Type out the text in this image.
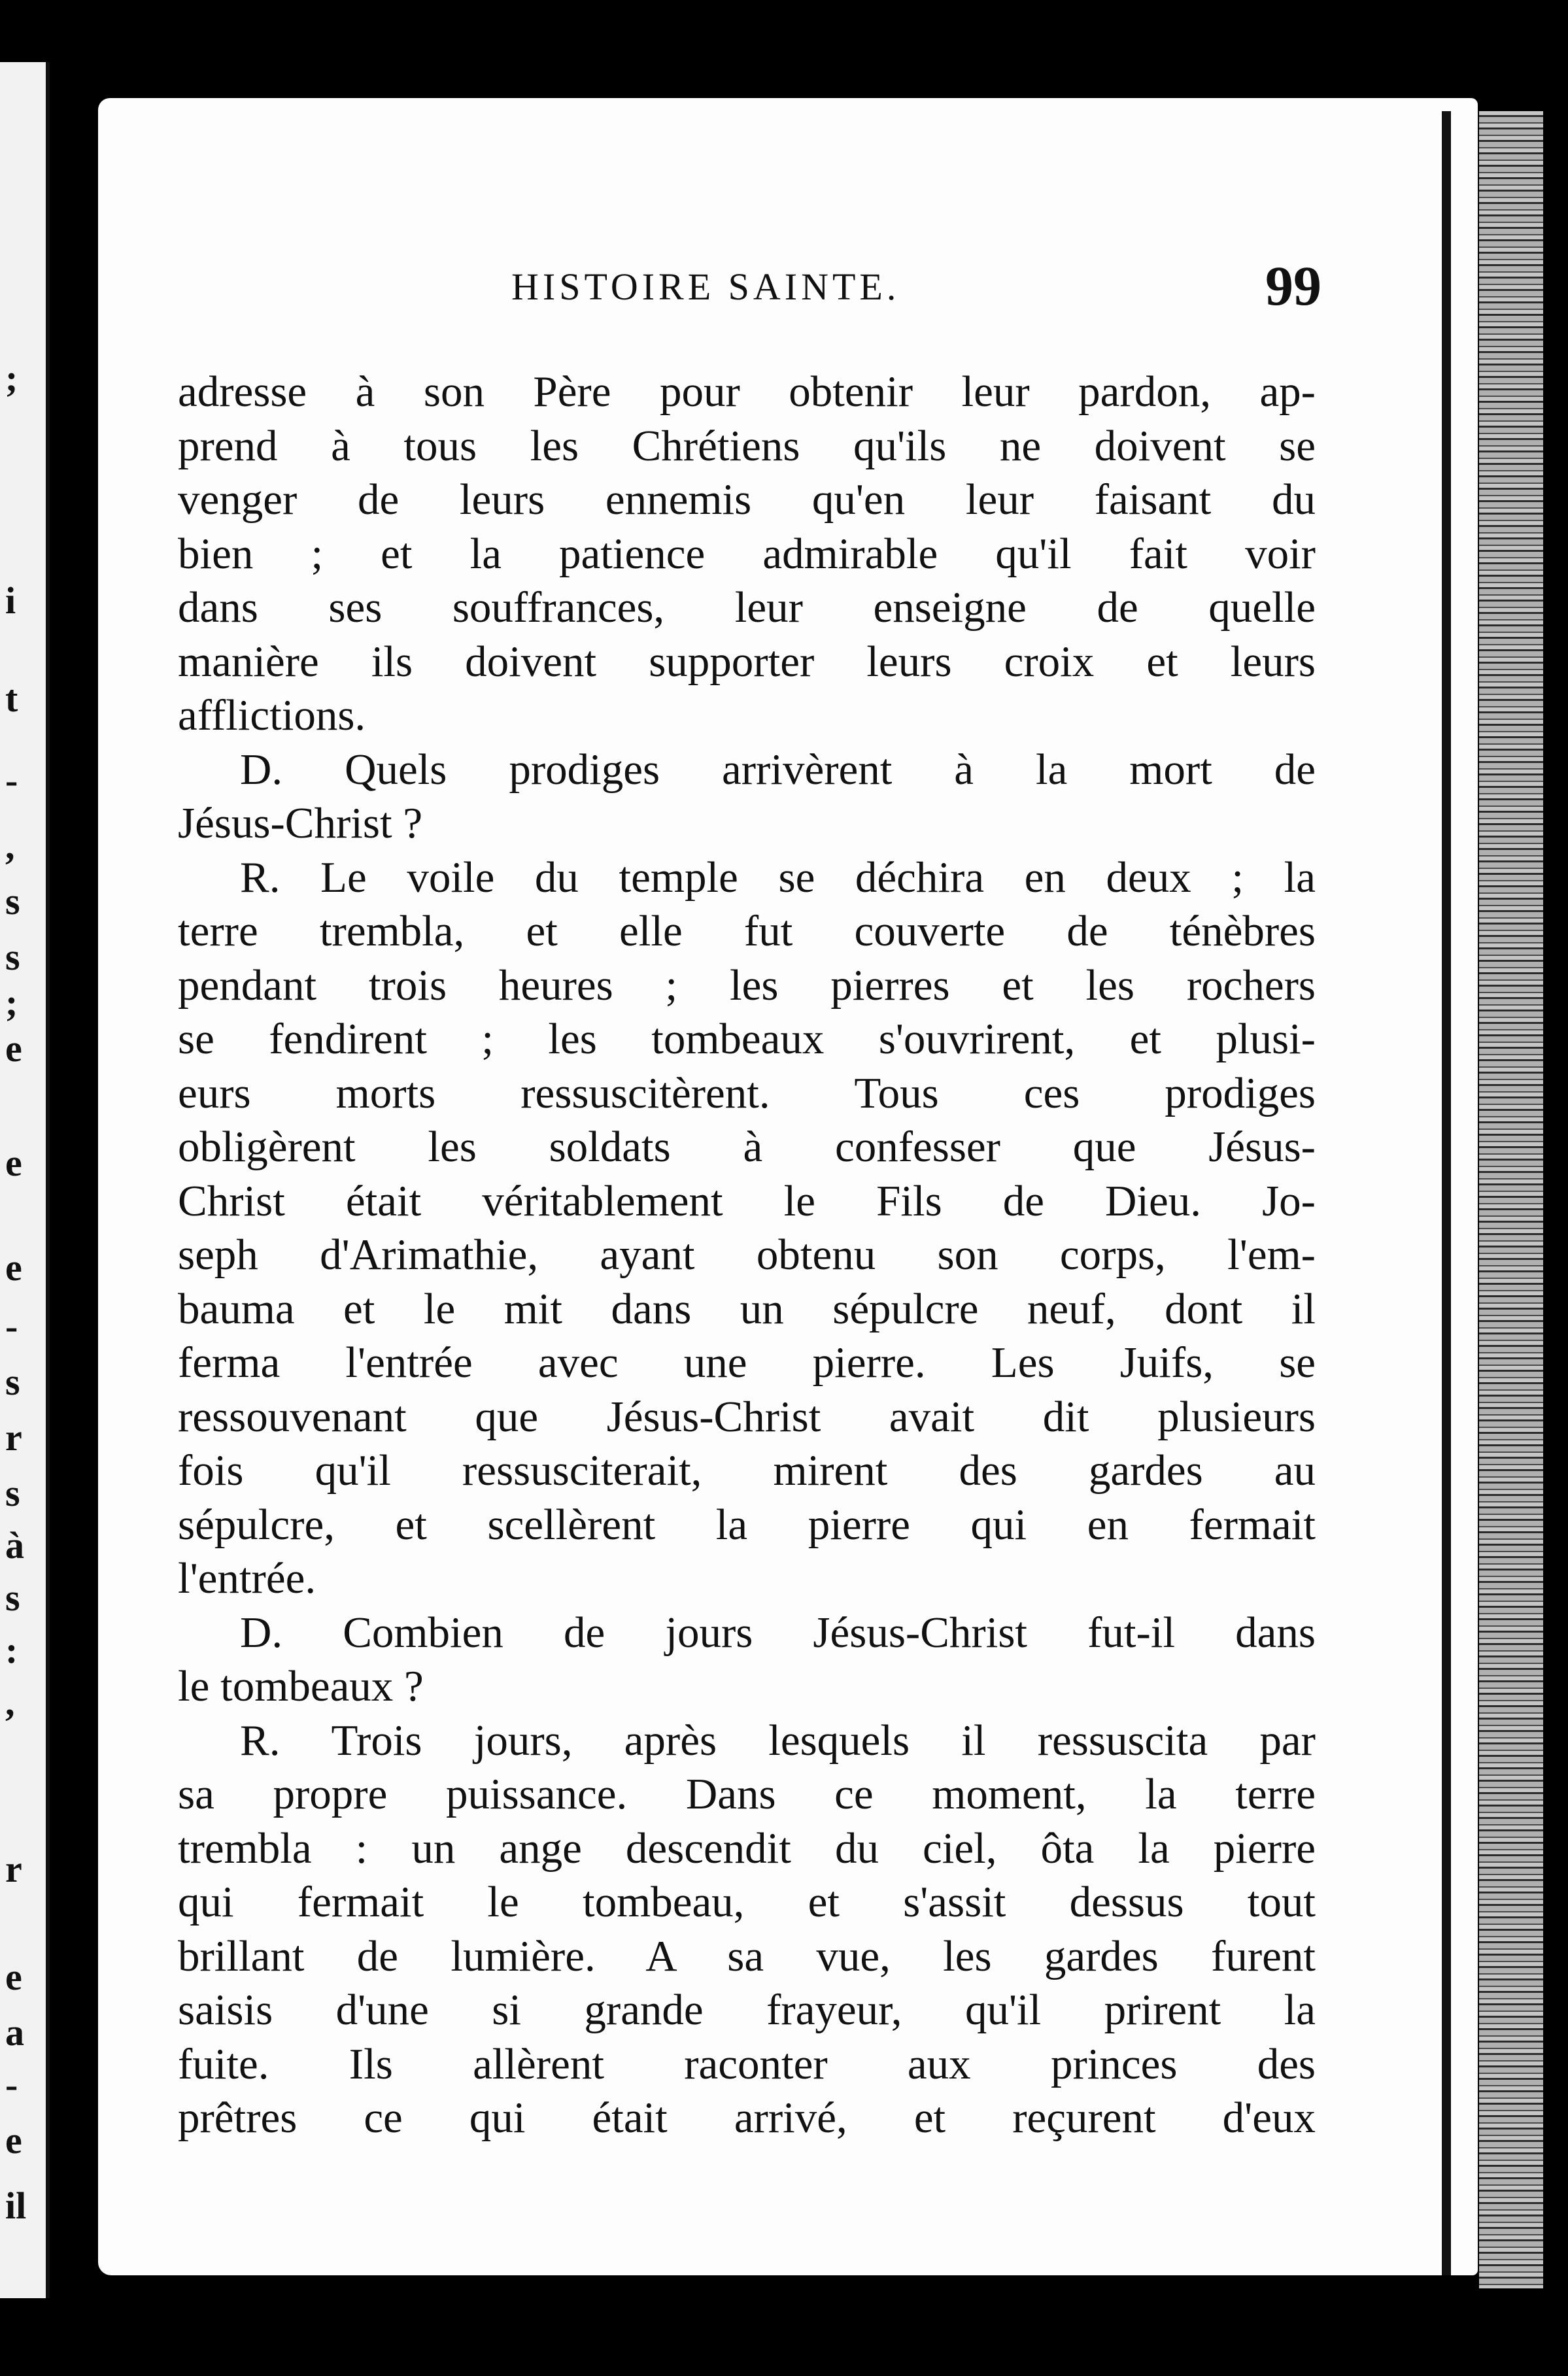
;
i
t
-
,
s
s
;
e
e
e
-
s
r
s
à
s
:
,
r
e
a
-
e
il
HISTOIRE SAINTE.	99
adresse à son Père pour obtenir leur pardon, ap-
prend à tous les Chrétiens qu'ils ne doivent se
venger de leurs ennemis qu'en leur faisant du
bien ; et la patience admirable qu'il fait voir
dans ses souffrances, leur enseigne de quelle
manière ils doivent supporter leurs croix et leurs
afflictions.
D. Quels prodiges arrivèrent à la mort de
Jésus-Christ ?
R. Le voile du temple se déchira en deux ; la
terre trembla, et elle fut couverte de ténèbres
pendant trois heures ; les pierres et les rochers
se fendirent ; les tombeaux s'ouvrirent, et plusi-
eurs morts ressuscitèrent. Tous ces prodiges
obligèrent les soldats à confesser que Jésus-
Christ était véritablement le Fils de Dieu. Jo-
seph d'Arimathie, ayant obtenu son corps, l'em-
bauma et le mit dans un sépulcre neuf, dont il
ferma l'entrée avec une pierre. Les Juifs, se
ressouvenant que Jésus-Christ avait dit plusieurs
fois qu'il ressusciterait, mirent des gardes au
sépulcre, et scellèrent la pierre qui en fermait
l'entrée.
D. Combien de jours Jésus-Christ fut-il dans
le tombeaux ?
R. Trois jours, après lesquels il ressuscita par
sa propre puissance. Dans ce moment, la terre
trembla : un ange descendit du ciel, ôta la pierre
qui fermait le tombeau, et s'assit dessus tout
brillant de lumière. A sa vue, les gardes furent
saisis d'une si grande frayeur, qu'il prirent la
fuite. Ils allèrent raconter aux princes des
prêtres ce qui était arrivé, et reçurent d'eux
